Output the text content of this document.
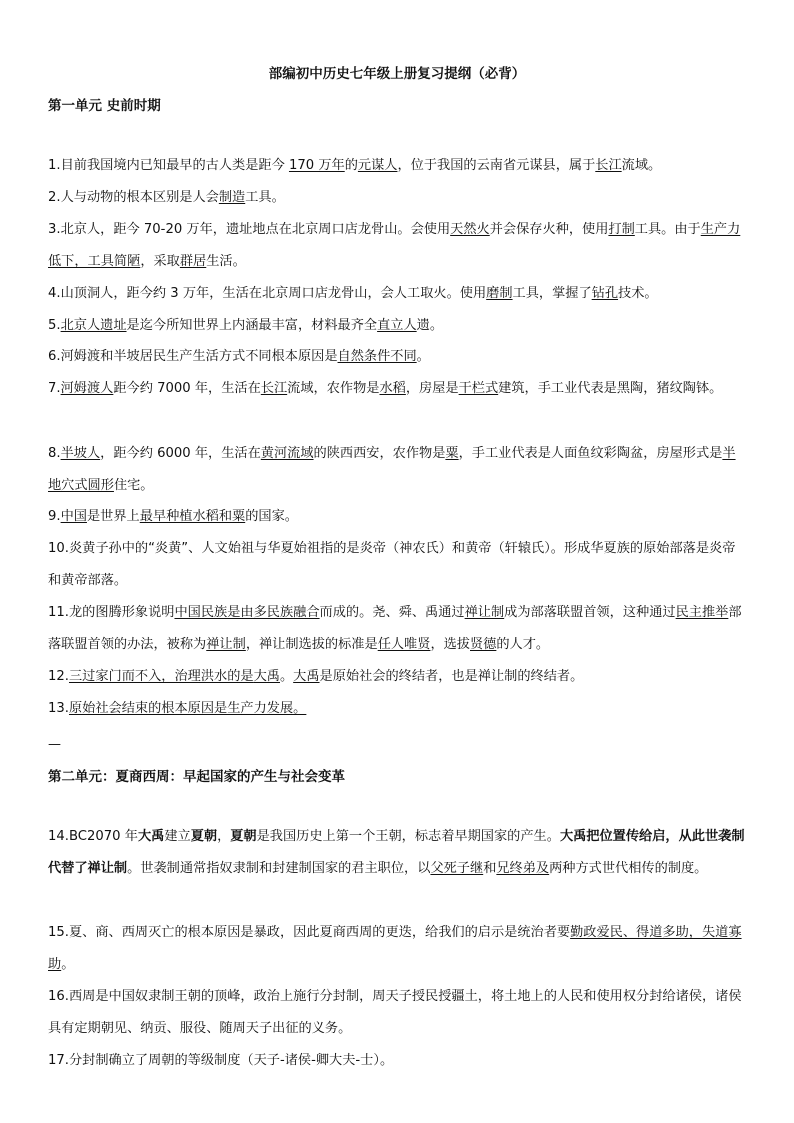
部编初中历史七年级上册复习提纲（必背）
第一单元 史前时期
1.目前我国境内已知最早的古人类是距今 170 万年的元谋人，位于我国的云南省元谋县，属于长江流域。
2.人与动物的根本区别是人会制造工具。
3.北京人，距今 70-20 万年，遗址地点在北京周口店龙骨山。会使用天然火并会保存火种，使用打制工具。由于生产力低下，工具简陋，采取群居生活。
4.山顶洞人，距今约 3 万年，生活在北京周口店龙骨山，会人工取火。使用磨制工具，掌握了钻孔技术。
5.北京人遗址是迄今所知世界上内涵最丰富，材料最齐全直立人遗。
6.河姆渡和半坡居民生产生活方式不同根本原因是自然条件不同。
7.河姆渡人距今约 7000 年，生活在长江流域，农作物是水稻，房屋是干栏式建筑，手工业代表是黑陶，猪纹陶钵。
8.半坡人，距今约 6000 年，生活在黄河流域的陕西西安，农作物是粟，手工业代表是人面鱼纹彩陶盆，房屋形式是半地穴式圆形住宅。
9.中国是世界上最早种植水稻和粟的国家。
10.炎黄子孙中的“炎黄”、人文始祖与华夏始祖指的是炎帝（神农氏）和黄帝（轩辕氏）。形成华夏族的原始部落是炎帝和黄帝部落。
11.龙的图腾形象说明中国民族是由多民族融合而成的。尧、舜、禹通过禅让制成为部落联盟首领，这种通过民主推举部落联盟首领的办法，被称为禅让制，禅让制选拔的标准是任人唯贤，选拔贤德的人才。
12.三过家门而不入，治理洪水的是大禹。大禹是原始社会的终结者，也是禅让制的终结者。
13.原始社会结束的根本原因是生产力发展。
—
第二单元：夏商西周：早起国家的产生与社会变革
14.BC2070 年大禹建立夏朝，夏朝是我国历史上第一个王朝，标志着早期国家的产生。大禹把位置传给启，从此世袭制代替了禅让制。世袭制通常指奴隶制和封建制国家的君主职位，以父死子继和兄终弟及两种方式世代相传的制度。
15.夏、商、西周灭亡的根本原因是暴政，因此夏商西周的更迭，给我们的启示是统治者要勤政爱民、得道多助，失道寡助。
16.西周是中国奴隶制王朝的顶峰，政治上施行分封制，周天子授民授疆土，将土地上的人民和使用权分封给诸侯，诸侯具有定期朝见、纳贡、服役、随周天子出征的义务。
17.分封制确立了周朝的等级制度（天子-诸侯-卿大夫-士）。
